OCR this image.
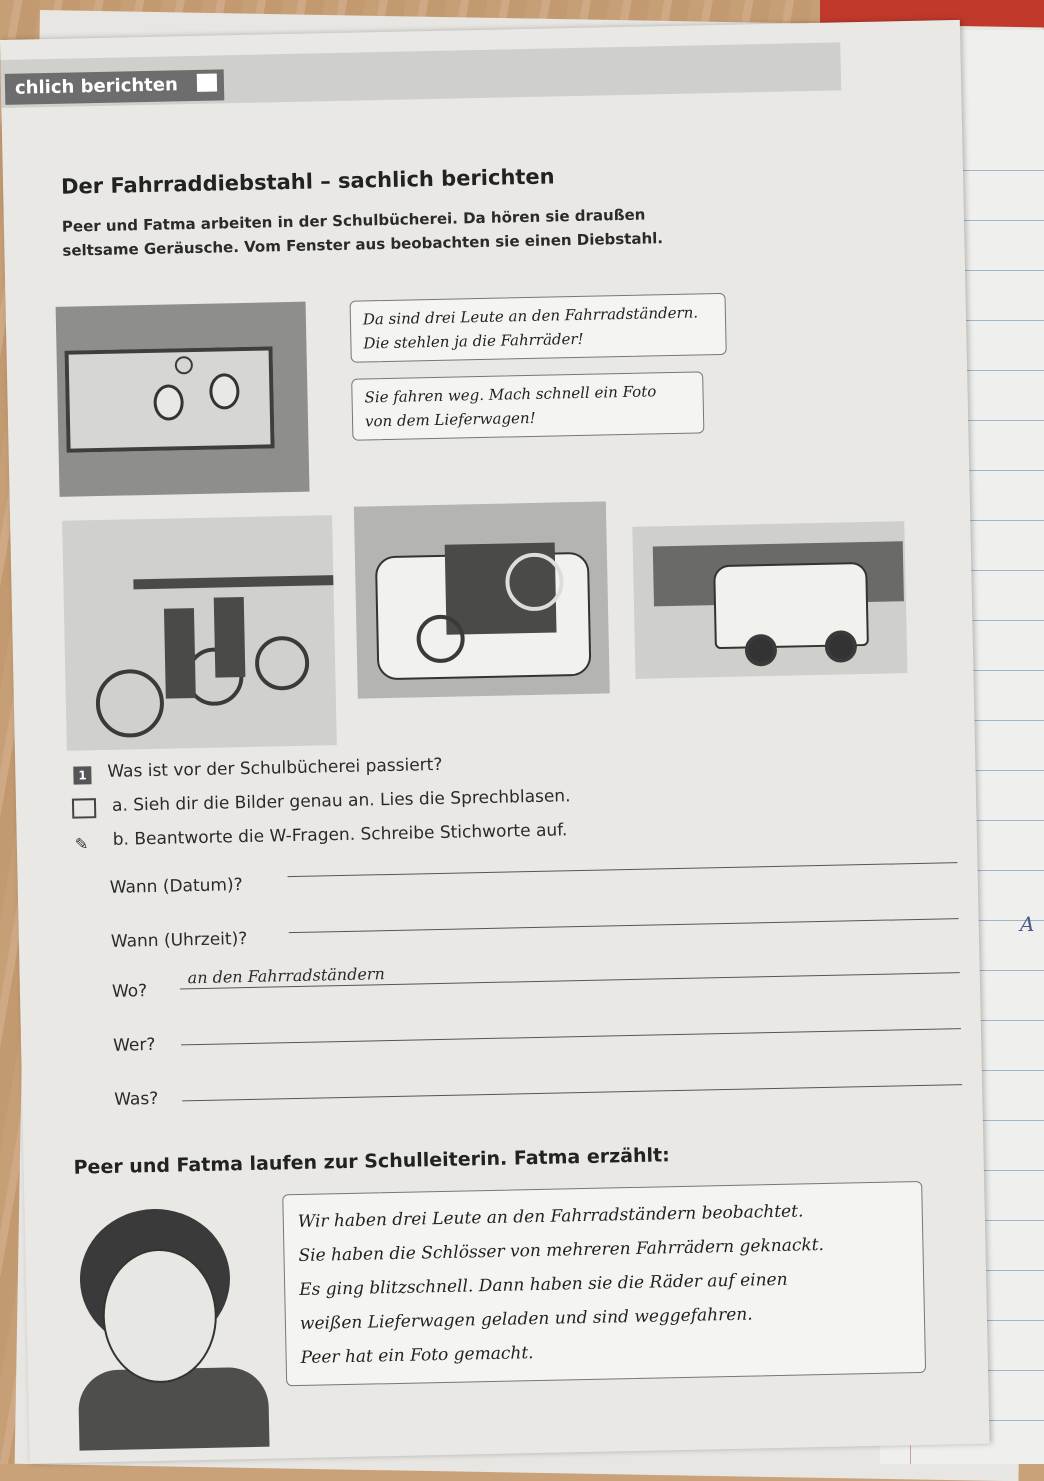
A
chlich berichten
Der Fahrraddiebstahl – sachlich berichten
Peer und Fatma arbeiten in der Schulbücherei. Da hören sie draußen
seltsame Geräusche. Vom Fenster aus beobachten sie einen Diebstahl.
Da sind drei Leute an den Fahrradständern.
Die stehlen ja die Fahrräder!
Sie fahren weg. Mach schnell ein Foto
von dem Lieferwagen!
1 Was ist vor der Schulbücherei passiert?
a. Sieh dir die Bilder genau an. Lies die Sprechblasen.
✎ b. Beantworte die W-Fragen. Schreibe Stichworte auf.
Wann (Datum)?
Wann (Uhrzeit)?
Wo?
an den Fahrradständern
Wer?
Was?
Peer und Fatma laufen zur Schulleiterin. Fatma erzählt:
Wir haben drei Leute an den Fahrradständern beobachtet.
Sie haben die Schlösser von mehreren Fahrrädern geknackt.
Es ging blitzschnell. Dann haben sie die Räder auf einen
weißen Lieferwagen geladen und sind weggefahren.
Peer hat ein Foto gemacht.
